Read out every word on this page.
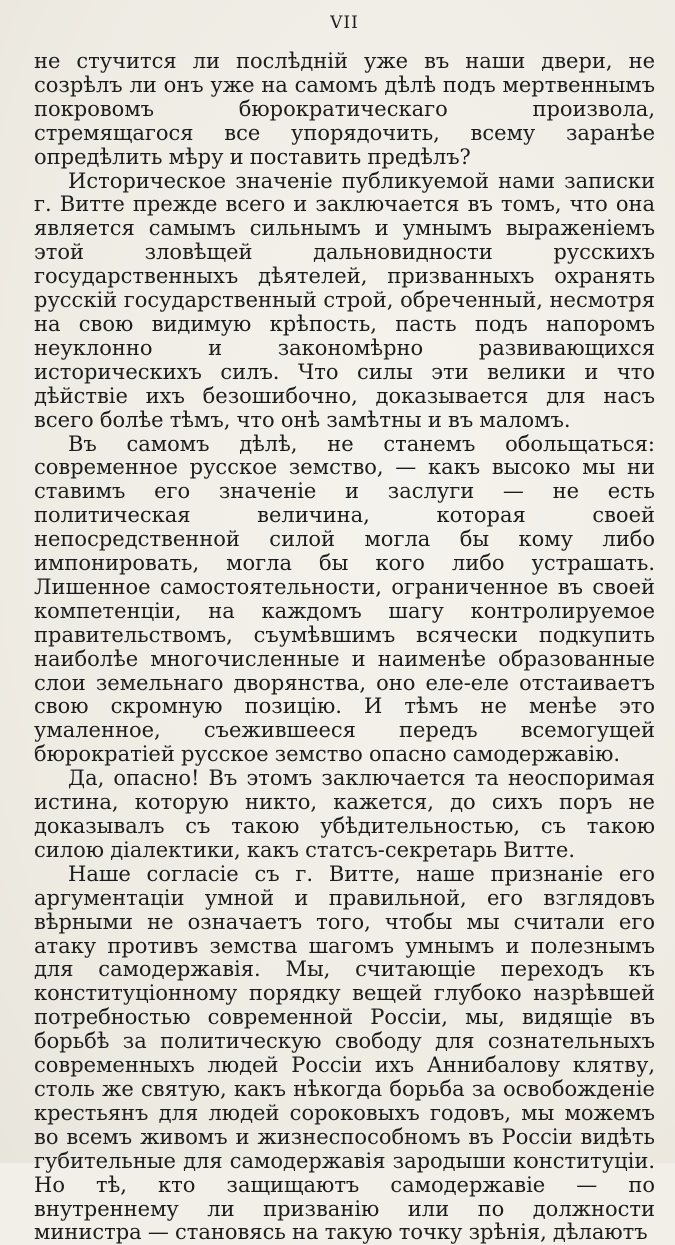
VII

не стучится ли послѣдній уже въ наши двери, не созрѣлъ ли онъ уже на самомъ дѣлѣ подъ мертвеннымъ покровомъ бюрократическаго произвола, стремящагося все упорядочить, всему заранѣе опредѣлить мѣру и поставить предѣлъ?

Историческое значеніе публикуемой нами записки г. Витте прежде всего и заключается въ томъ, что она является самымъ сильнымъ и умнымъ выраженіемъ этой зловѣщей дальновидности русскихъ государственныхъ дѣятелей, призванныхъ охранять русскій государственный строй, обреченный, несмотря на свою видимую крѣпость, пасть подъ напоромъ неуклонно и закономѣрно развивающихся историческихъ силъ. Что силы эти велики и что дѣйствіе ихъ безошибочно, доказывается для насъ всего болѣе тѣмъ, что онѣ замѣтны и въ маломъ.

Въ самомъ дѣлѣ, не станемъ обольщаться: современное русское земство, — какъ высоко мы ни ставимъ его значеніе и заслуги — не есть политическая величина, которая своей непосредственной силой могла бы кому либо импонировать, могла бы кого либо устрашать. Лишенное самостоятельности, ограниченное въ своей компетенціи, на каждомъ шагу контролируемое правительствомъ, съумѣвшимъ всячески подкупить наиболѣе многочисленные и наименѣе образованные слои земельнаго дворянства, оно еле-еле отстаиваетъ свою скромную позицію. И тѣмъ не менѣе это умаленное, съежившееся передъ всемогущей бюрократіей русское земство опасно самодержавію.

Да, опасно! Въ этомъ заключается та неоспоримая истина, которую никто, кажется, до сихъ поръ не доказывалъ съ такою убѣдительностью, съ такою силою діалектики, какъ статсъ-секретарь Витте.

Наше согласіе съ г. Витте, наше признаніе его аргументаціи умной и правильной, его взглядовъ вѣрными не означаетъ того, чтобы мы считали его атаку противъ земства шагомъ умнымъ и полезнымъ для самодержавія. Мы, считающіе переходъ къ конституціонному порядку вещей глубоко назрѣвшей потребностью современной Россіи, мы, видящіе въ борьбѣ за политическую свободу для сознательныхъ современныхъ людей Россіи ихъ Аннибалову клятву, столь же святую, какъ нѣкогда борьба за освобожденіе крестьянъ для людей сороковыхъ годовъ, мы можемъ во всемъ живомъ и жизнеспособномъ въ Россіи видѣть губительные для самодержавія зародыши конституціи. Но тѣ, кто защищаютъ самодержавіе — по внутреннему ли призванію или по должности министра — становясь на такую точку зрѣнія, дѣлаютъ
